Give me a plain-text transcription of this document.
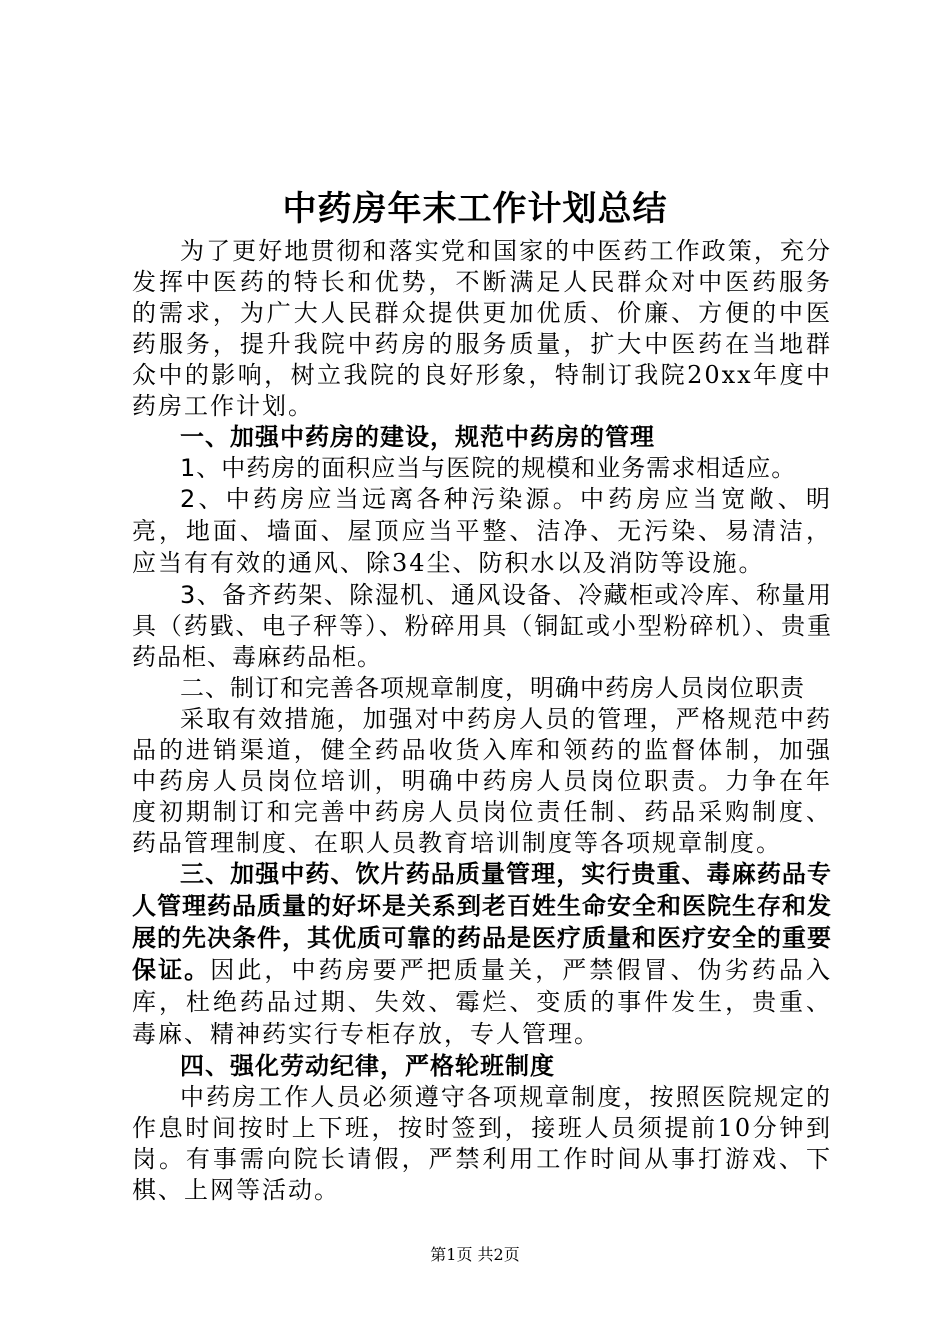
中药房年末工作计划总结

为了更好地贯彻和落实党和国家的中医药工作政策，充分发挥中医药的特长和优势，不断满足人民群众对中医药服务的需求，为广大人民群众提供更加优质、价廉、方便的中医药服务，提升我院中药房的服务质量，扩大中医药在当地群众中的影响，树立我院的良好形象，特制订我院20xx年度中药房工作计划。

一、加强中药房的建设，规范中药房的管理

1、中药房的面积应当与医院的规模和业务需求相适应。

2、中药房应当远离各种污染源。中药房应当宽敞、明亮，地面、墙面、屋顶应当平整、洁净、无污染、易清洁，应当有有效的通风、除34尘、防积水以及消防等设施。

3、备齐药架、除湿机、通风设备、冷藏柜或冷库、称量用具（药戥、电子秤等）、粉碎用具（铜缸或小型粉碎机）、贵重药品柜、毒麻药品柜。

二、制订和完善各项规章制度，明确中药房人员岗位职责

采取有效措施，加强对中药房人员的管理，严格规范中药品的进销渠道，健全药品收货入库和领药的监督体制，加强中药房人员岗位培训，明确中药房人员岗位职责。力争在年度初期制订和完善中药房人员岗位责任制、药品采购制度、药品管理制度、在职人员教育培训制度等各项规章制度。

三、加强中药、饮片药品质量管理，实行贵重、毒麻药品专人管理药品质量的好坏是关系到老百姓生命安全和医院生存和发展的先决条件，其优质可靠的药品是医疗质量和医疗安全的重要保证。因此，中药房要严把质量关，严禁假冒、伪劣药品入库，杜绝药品过期、失效、霉烂、变质的事件发生，贵重、毒麻、精神药实行专柜存放，专人管理。

四、强化劳动纪律，严格轮班制度

中药房工作人员必须遵守各项规章制度，按照医院规定的作息时间按时上下班，按时签到，接班人员须提前10分钟到岗。有事需向院长请假，严禁利用工作时间从事打游戏、下棋、上网等活动。

第1页 共2页
